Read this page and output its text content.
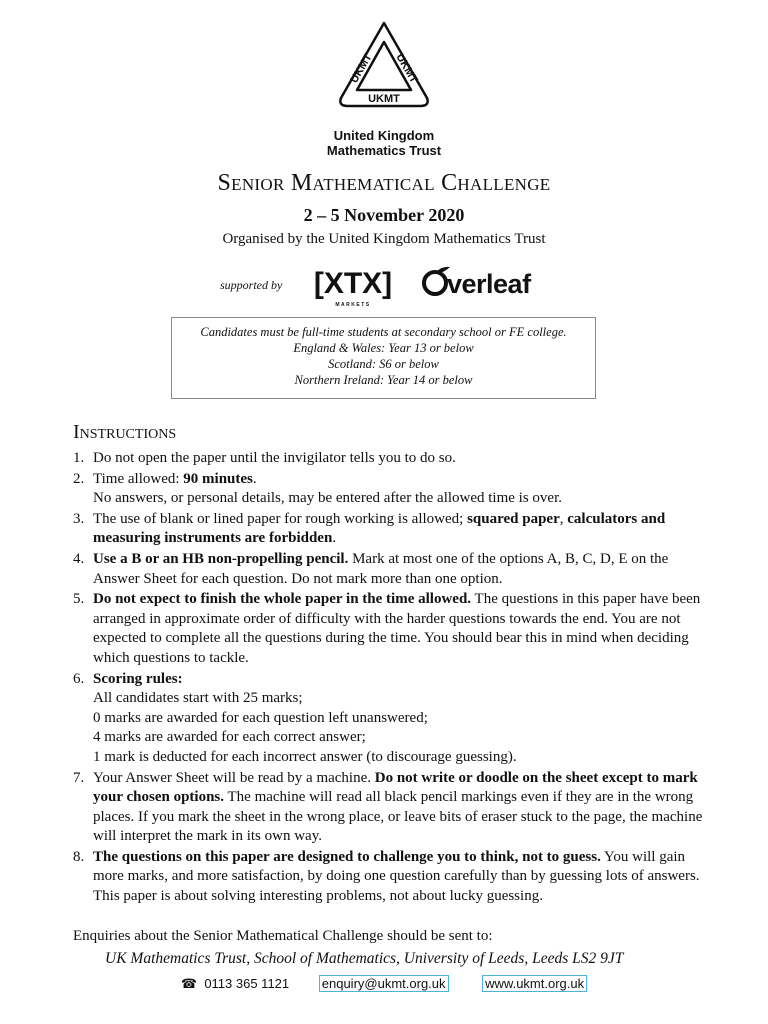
UKMT UKMT
UKMT
United Kingdom
Mathematics Trust
Senior Mathematical Challenge
2 – 5 November 2020
Organised by the United Kingdom Mathematics Trust
supported by [XTX]
MARKETS
verleaf
Candidates must be full-time students at secondary school or FE college.
England & Wales: Year 13 or below
Scotland: S6 or below
Northern Ireland: Year 14 or below
Instructions
1. Do not open the paper until the invigilator tells you to do so.
2. Time allowed: 90 minutes.
No answers, or personal details, may be entered after the allowed time is over.
3. The use of blank or lined paper for rough working is allowed; squared paper, calculators and measuring instruments are forbidden.
4. Use a B or an HB non-propelling pencil. Mark at most one of the options A, B, C, D, E on the Answer Sheet for each question. Do not mark more than one option.
5. Do not expect to finish the whole paper in the time allowed. The questions in this paper have been arranged in approximate order of difficulty with the harder questions towards the end. You are not expected to complete all the questions during the time. You should bear this in mind when deciding which questions to tackle.
6. Scoring rules:
All candidates start with 25 marks;
0 marks are awarded for each question left unanswered;
4 marks are awarded for each correct answer;
1 mark is deducted for each incorrect answer (to discourage guessing).
7. Your Answer Sheet will be read by a machine. Do not write or doodle on the sheet except to mark your chosen options. The machine will read all black pencil markings even if they are in the wrong places. If you mark the sheet in the wrong place, or leave bits of eraser stuck to the page, the machine will interpret the mark in its own way.
8. The questions on this paper are designed to challenge you to think, not to guess. You will gain more marks, and more satisfaction, by doing one question carefully than by guessing lots of answers. This paper is about solving interesting problems, not about lucky guessing.
Enquiries about the Senior Mathematical Challenge should be sent to:
UK Mathematics Trust, School of Mathematics, University of Leeds, Leeds LS2 9JT
☎ 0113 365 1121	enquiry@ukmt.org.uk	www.ukmt.org.uk
